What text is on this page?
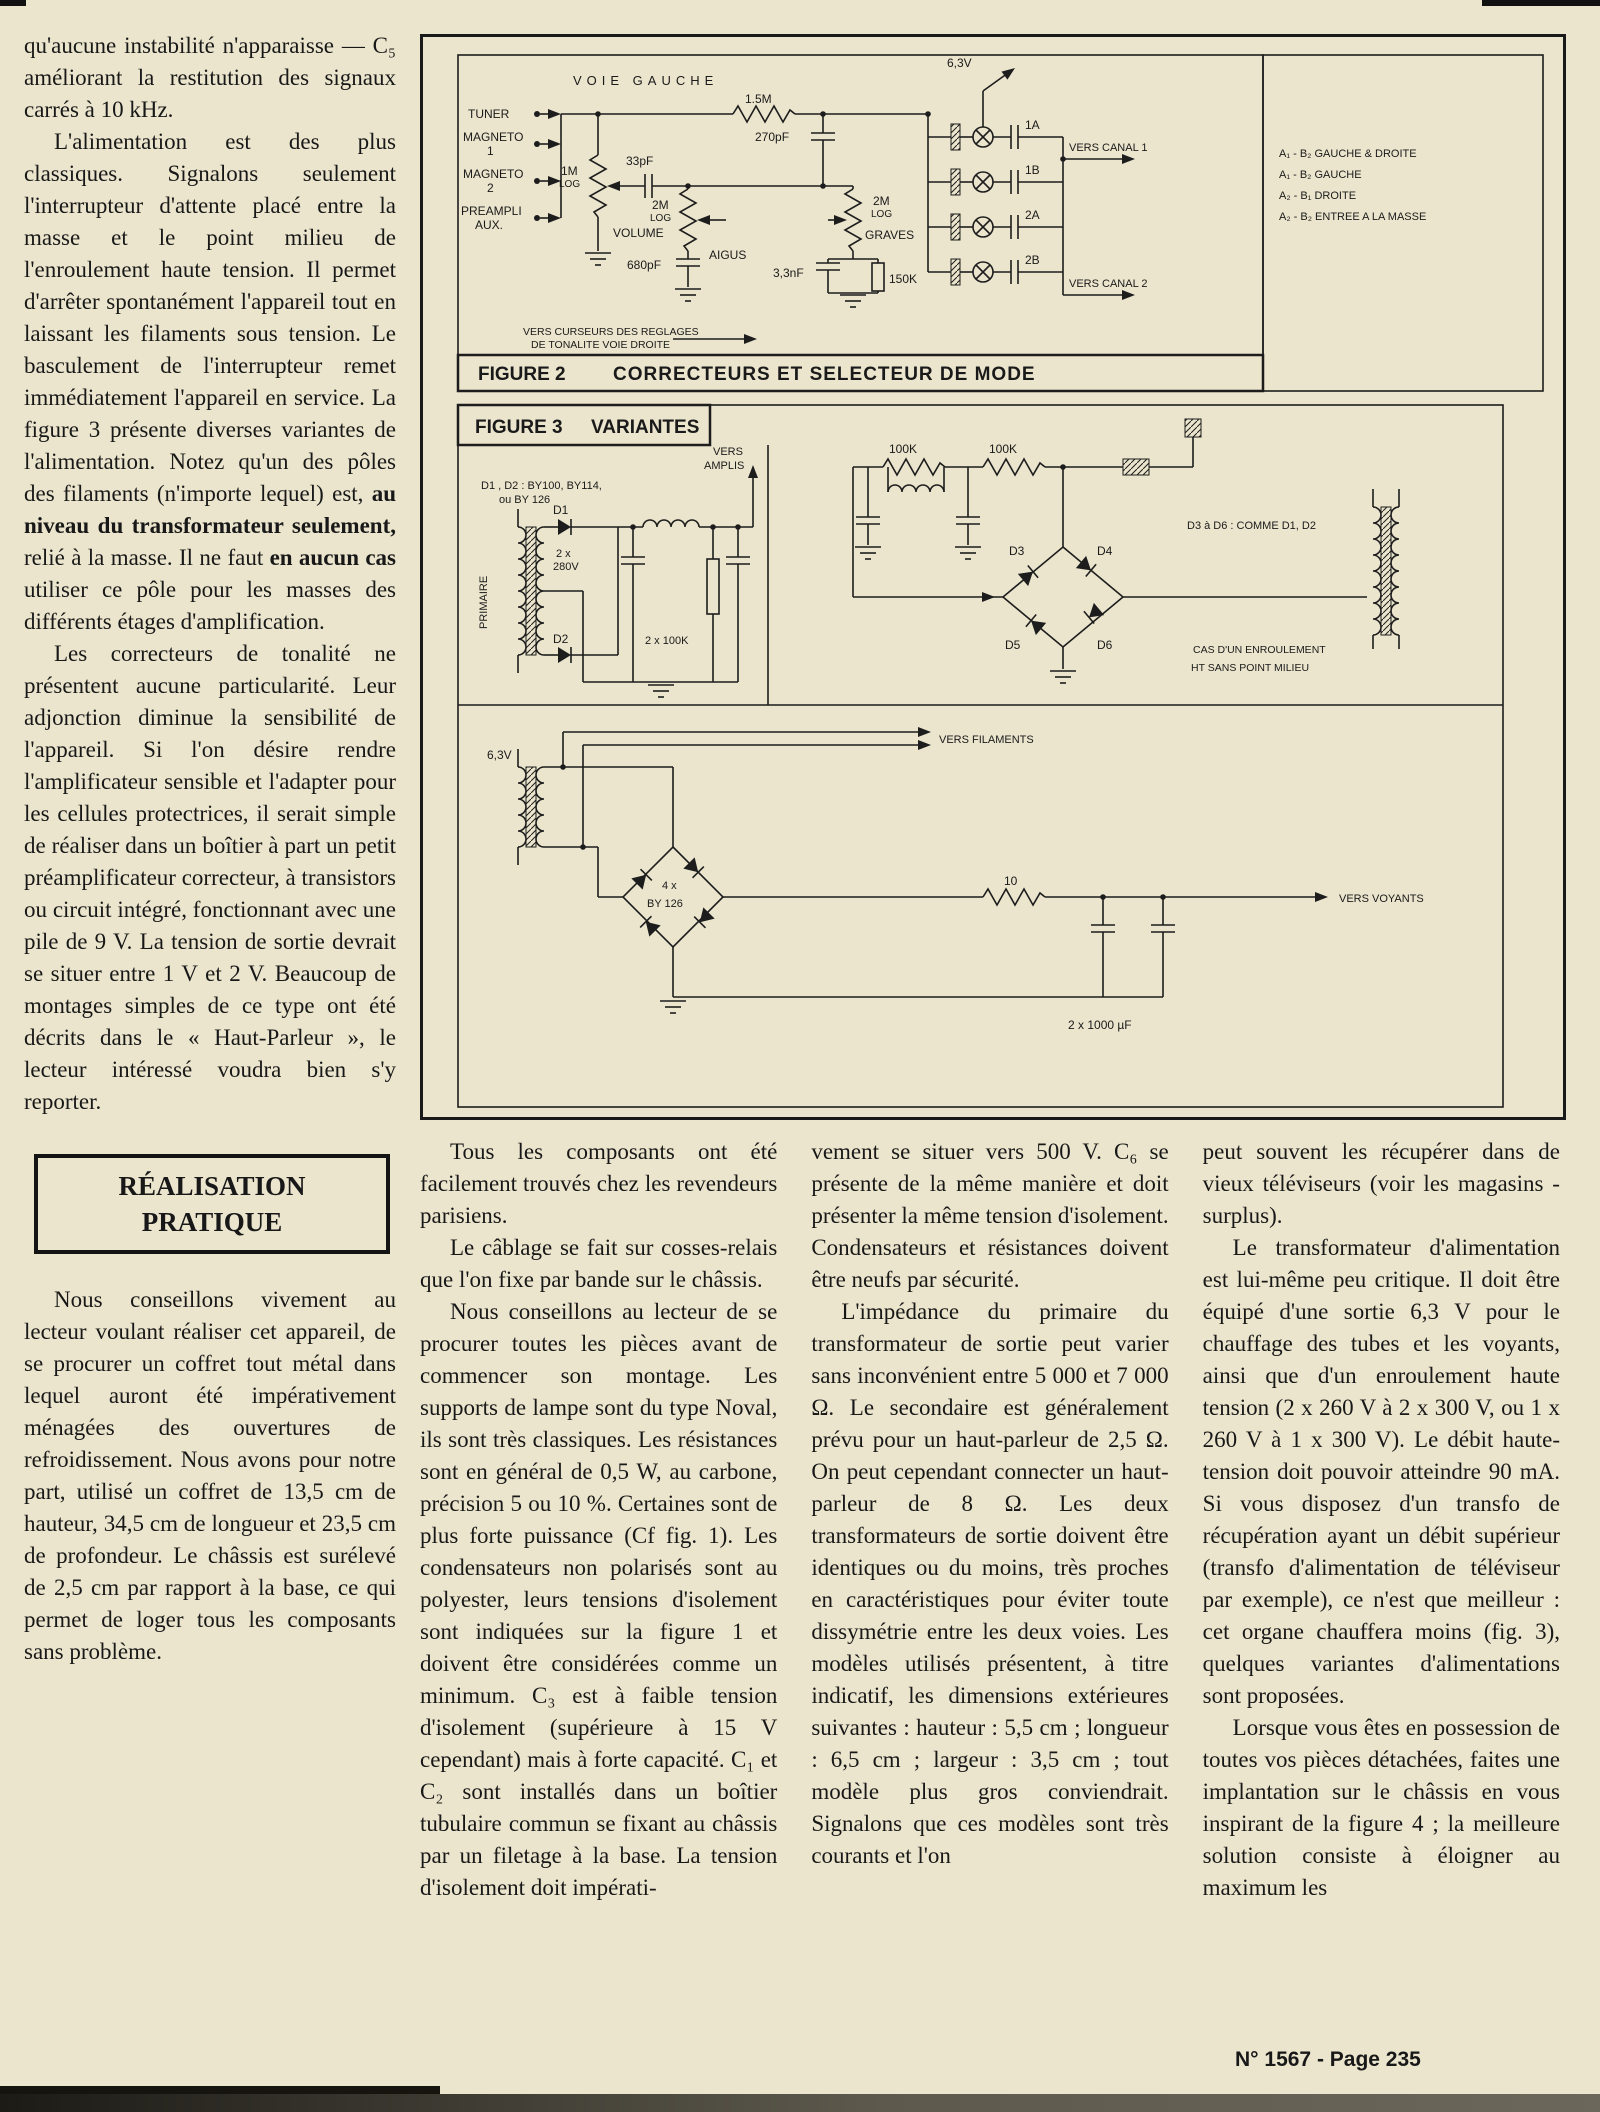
qu'aucune instabilité n'apparaisse — C₅ améliorant la restitution des signaux carrés à 10 kHz.

L'alimentation est des plus classiques. Signalons seulement l'interrupteur d'attente placé entre la masse et le point milieu de l'enroulement haute tension. Il permet d'arrêter spontanément l'appareil tout en laissant les filaments sous tension. Le basculement de l'interrupteur remet immédiatement l'appareil en service. La figure 3 présente diverses variantes de l'alimentation. Notez qu'un des pôles des filaments (n'importe lequel) est, au niveau du transformateur seulement, relié à la masse. Il ne faut en aucun cas utiliser ce pôle pour les masses des différents étages d'amplification.

Les correcteurs de tonalité ne présentent aucune particularité. Leur adjonction diminue la sensibilité de l'appareil. Si l'on désire rendre l'amplificateur sensible et l'adapter pour les cellules protectrices, il serait simple de réaliser dans un boîtier à part un petit préamplificateur correcteur, à transistors ou circuit intégré, fonctionnant avec une pile de 9 V. La tension de sortie devrait se situer entre 1 V et 2 V. Beaucoup de montages simples de ce type ont été décrits dans le « Haut-Parleur », le lecteur intéressé voudra bien s'y reporter.

RÉALISATION
PRATIQUE

Nous conseillons vivement au lecteur voulant réaliser cet appareil, de se procurer un coffret tout métal dans lequel auront été impérativement ménagées des ouvertures de refroidissement. Nous avons pour notre part, utilisé un coffret de 13,5 cm de hauteur, 34,5 cm de longueur et 23,5 cm de profondeur. Le châssis est surélevé de 2,5 cm par rapport à la base, ce qui permet de loger tous les composants sans problème.

VOIE GAUCHE
TUNER
MAGNETO
1
MAGNETO
2
PREAMPLI
AUX.
1M
LOG
VOLUME
33pF
2M
LOG
AIGUS
680pF
1.5M
270pF
2M
LOG
GRAVES
3,3nF	150K
6,3V
1A
1B
2A
2B
VERS CANAL 1
VERS CANAL 2
VERS CURSEURS DES REGLAGES
DE TONALITE VOIE DROITE
FIGURE 2 CORRECTEURS ET SELECTEUR DE MODE
A₁ - B₂ GAUCHE & DROITE
A₁ - B₂ GAUCHE
A₂ - B₁ DROITE
A₂ - B₂ ENTREE A LA MASSE
FIGURE 3 VARIANTES
D1 , D2 : BY100, BY114,
ou BY 126
PRIMAIRE
2 x
280V
D1
D2
VERS
AMPLIS
2 x 100K
100K	100K
D3	D4
D5	D6
D3 à D6 : COMME D1, D2
CAS D'UN ENROULEMENT
HT SANS POINT MILIEU
6,3V
4 x
BY 126
10
2 x 1000 µF
VERS FILAMENTS
VERS VOYANTS

Tous les composants ont été facilement trouvés chez les revendeurs parisiens.

Le câblage se fait sur cosses-relais que l'on fixe par bande sur le châssis.

Nous conseillons au lecteur de se procurer toutes les pièces avant de commencer son montage. Les supports de lampe sont du type Noval, ils sont très classiques. Les résistances sont en général de 0,5 W, au carbone, précision 5 ou 10 %. Certaines sont de plus forte puissance (Cf fig. 1). Les condensateurs non polarisés sont au polyester, leurs tensions d'isolement sont indiquées sur la figure 1 et doivent être considérées comme un minimum. C₃ est à faible tension d'isolement (supérieure à 15 V cependant) mais à forte capacité. C₁ et C₂ sont installés dans un boîtier tubulaire commun se fixant au châssis par un filetage à la base. La tension d'isolement doit impérati-

vement se situer vers 500 V. C₆ se présente de la même manière et doit présenter la même tension d'isolement. Condensateurs et résistances doivent être neufs par sécurité.

L'impédance du primaire du transformateur de sortie peut varier sans inconvénient entre 5 000 et 7 000 Ω. Le secondaire est généralement prévu pour un haut-parleur de 2,5 Ω. On peut cependant connecter un haut-parleur de 8 Ω. Les deux transformateurs de sortie doivent être identiques ou du moins, très proches en caractéristiques pour éviter toute dissymétrie entre les deux voies. Les modèles utilisés présentent, à titre indicatif, les dimensions extérieures suivantes : hauteur : 5,5 cm ; longueur : 6,5 cm ; largeur : 3,5 cm ; tout modèle plus gros conviendrait. Signalons que ces modèles sont très courants et l'on

peut souvent les récupérer dans de vieux téléviseurs (voir les magasins - surplus).

Le transformateur d'alimentation est lui-même peu critique. Il doit être équipé d'une sortie 6,3 V pour le chauffage des tubes et les voyants, ainsi que d'un enroulement haute tension (2 x 260 V à 2 x 300 V, ou 1 x 260 V à 1 x 300 V). Le débit haute-tension doit pouvoir atteindre 90 mA. Si vous disposez d'un transfo de récupération ayant un débit supérieur (transfo d'alimentation de téléviseur par exemple), ce n'est que meilleur : cet organe chauffera moins (fig. 3), quelques variantes d'alimentations sont proposées.

Lorsque vous êtes en possession de toutes vos pièces détachées, faites une implantation sur le châssis en vous inspirant de la figure 4 ; la meilleure solution consiste à éloigner au maximum les

N° 1567 - Page 235
